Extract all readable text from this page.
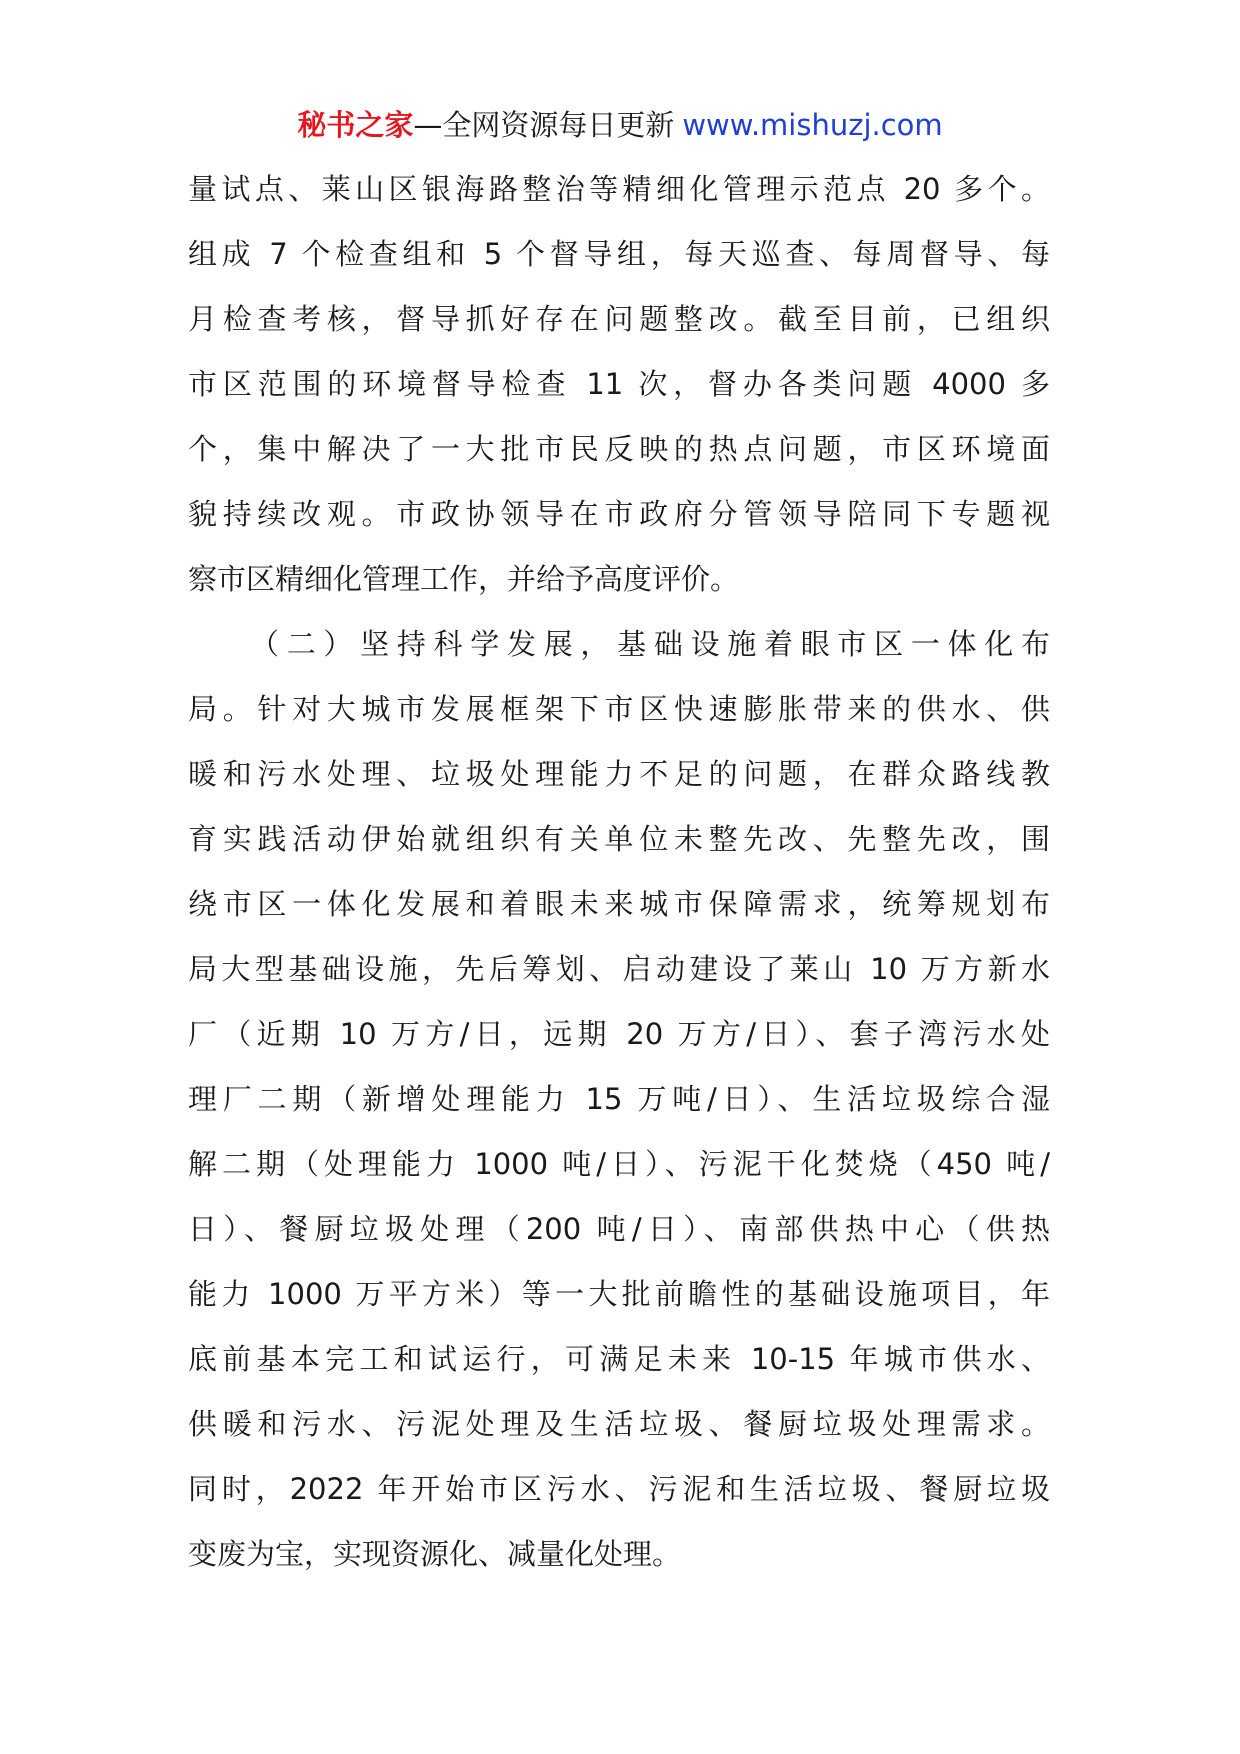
秘书之家—全网资源每日更新 www.mishuzj.com
量试点、莱山区银海路整治等精细化管理示范点 20 多个。
组成 7 个检查组和 5 个督导组，每天巡查、每周督导、每
月检查考核，督导抓好存在问题整改。截至目前，已组织
市区范围的环境督导检查 11 次，督办各类问题 4000 多
个，集中解决了一大批市民反映的热点问题，市区环境面
貌持续改观。市政协领导在市政府分管领导陪同下专题视
察市区精细化管理工作，并给予高度评价。
（二）坚持科学发展，基础设施着眼市区一体化布
局。针对大城市发展框架下市区快速膨胀带来的供水、供
暖和污水处理、垃圾处理能力不足的问题，在群众路线教
育实践活动伊始就组织有关单位未整先改、先整先改，围
绕市区一体化发展和着眼未来城市保障需求，统筹规划布
局大型基础设施，先后筹划、启动建设了莱山 10 万方新水
厂（近期 10 万方/日，远期 20 万方/日）、套子湾污水处
理厂二期（新增处理能力 15 万吨/日）、生活垃圾综合湿
解二期（处理能力 1000 吨/日）、污泥干化焚烧（450 吨/
日）、餐厨垃圾处理（200 吨/日）、南部供热中心（供热
能力 1000 万平方米）等一大批前瞻性的基础设施项目，年
底前基本完工和试运行，可满足未来 10-15 年城市供水、
供暖和污水、污泥处理及生活垃圾、餐厨垃圾处理需求。
同时，2022 年开始市区污水、污泥和生活垃圾、餐厨垃圾
变废为宝，实现资源化、减量化处理。
